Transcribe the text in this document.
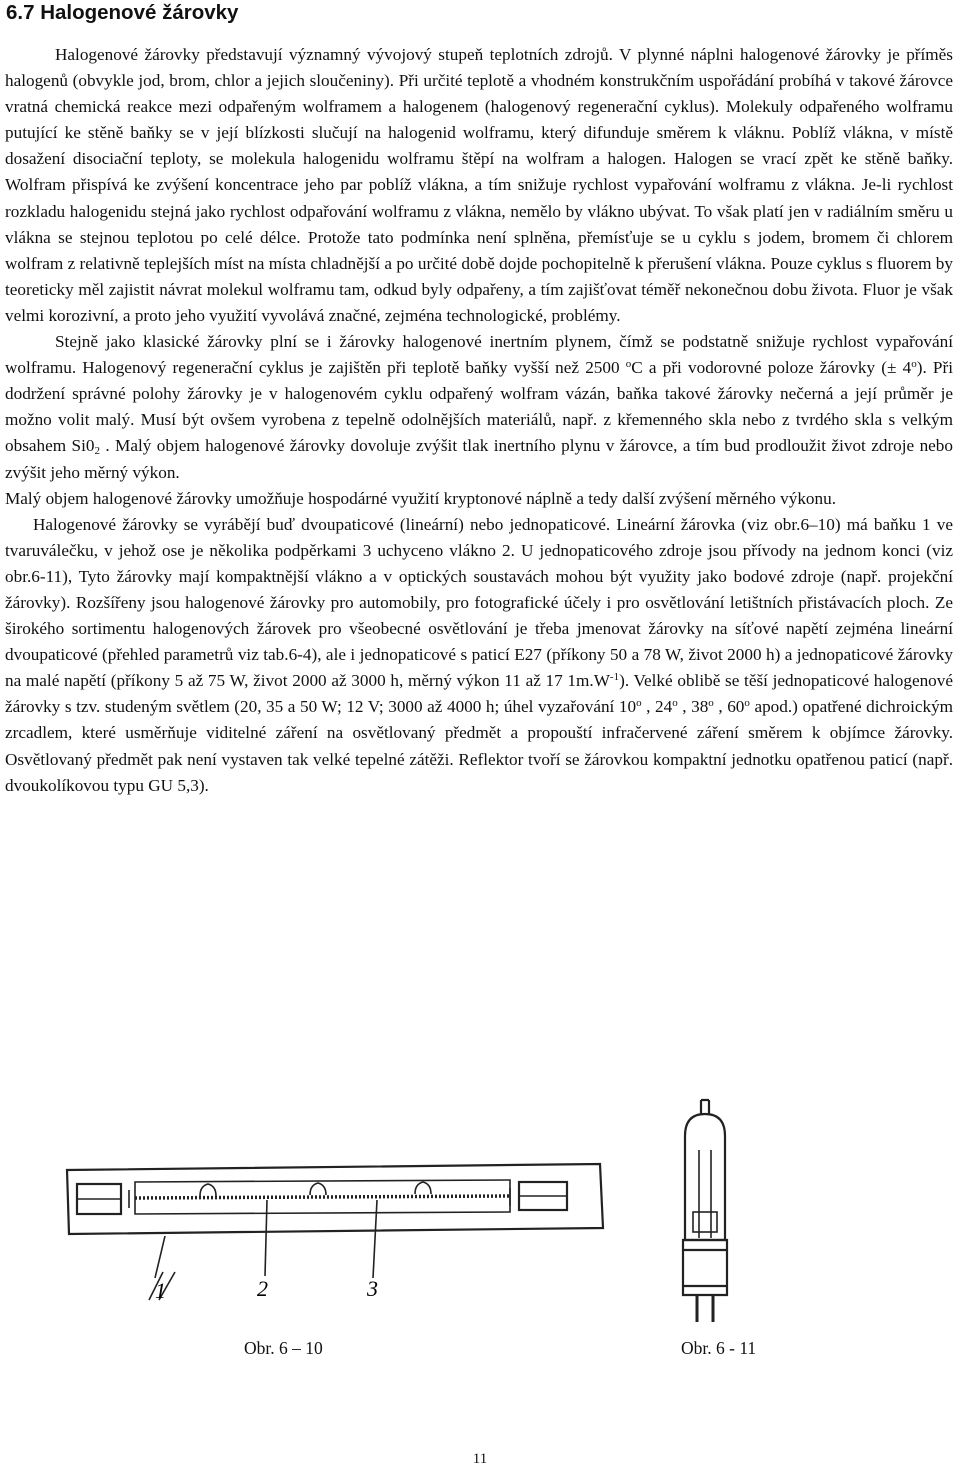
6.7 Halogenové žárovky

Halogenové žárovky představují významný vývojový stupeň teplotních zdrojů. V plynné náplni halogenové žárovky je příměs halogenů (obvykle jod, brom, chlor a jejich sloučeniny). Při určité teplotě a vhodném konstrukčním uspořádání probíhá v takové žárovce vratná chemická reakce mezi odpařeným wolframem a halogenem (halogenový regenerační cyklus). Molekuly odpařeného wolframu putující ke stěně baňky se v její blízkosti slučují na halogenid wolframu, který difunduje směrem k vláknu. Poblíž vlákna, v místě dosažení disociační teploty, se molekula halogenidu wolframu štěpí na wolfram a halogen. Halogen se vrací zpět ke stěně baňky. Wolfram přispívá ke zvýšení koncentrace jeho par poblíž vlákna, a tím snižuje rychlost vypařování wolframu z vlákna. Je-li rychlost rozkladu halogenidu stejná jako rychlost odpařování wolframu z vlákna, nemělo by vlákno ubývat. To však platí jen v radiálním směru u vlákna se stejnou teplotou po celé délce. Protože tato podmínka není splněna, přemísťuje se u cyklu s jodem, bromem či chlorem wolfram z relativně teplejších míst na místa chladnější a po určité době dojde pochopitelně k přerušení vlákna. Pouze cyklus s fluorem by teoreticky měl zajistit návrat molekul wolframu tam, odkud byly odpařeny, a tím zajišťovat téměř nekonečnou dobu života. Fluor je však velmi korozivní, a proto jeho využití vyvolává značné, zejména technologické, problémy.

Stejně jako klasické žárovky plní se i žárovky halogenové inertním plynem, čímž se podstatně snižuje rychlost vypařování wolframu. Halogenový regenerační cyklus je zajištěn při teplotě baňky vyšší než 2500 $^o$C a při vodorovné poloze žárovky (± $4^o$). Při dodržení správné polohy žárovky je v halogenovém cyklu odpařený wolfram vázán, baňka takové žárovky nečerná a její průměr je možno volit malý. Musí být ovšem vyrobena z tepelně odolnějších materiálů, např. z křemenného skla nebo z tvrdého skla s velkým obsahem $Si0_2$ . Malý objem halogenové žárovky dovoluje zvýšit tlak inertního plynu v žárovce, a tím bud prodloužit život zdroje nebo zvýšit jeho měrný výkon.

Malý objem halogenové žárovky umožňuje hospodárné využití kryptonové náplně a tedy další zvýšení měrného výkonu.

Halogenové žárovky se vyrábějí buď dvoupaticové (lineární) nebo jednopaticové. Lineární žárovka (viz obr.6–10) má baňku 1 ve tvaruválečku, v jehož ose je několika podpěrkami 3 uchyceno vlákno 2. U jednopaticového zdroje jsou přívody na jednom konci (viz obr.6-11), Tyto žárovky mají kompaktnější vlákno a v optických soustavách mohou být využity jako bodové zdroje (např. projekční žárovky). Rozšířeny jsou halogenové žárovky pro automobily, pro fotografické účely i pro osvětlování letištních přistávacích ploch. Ze širokého sortimentu halogenových žárovek pro všeobecné osvětlování je třeba jmenovat žárovky na síťové napětí zejména lineární dvoupaticové (přehled parametrů viz tab.6-4), ale i jednopaticové s paticí E27 (příkony 50 a 78 W, život 2000 h) a jednopaticové žárovky na malé napětí (příkony 5 až 75 W, život 2000 až 3000 h, měrný výkon 11 až 17 $1m.W^{-1}$). Velké oblibě se těší jednopaticové halogenové žárovky s tzv. studeným světlem (20, 35 a 50 W; 12 V; 3000 až 4000 h; úhel vyzařování 10$^o$ , 24$^o$ , 38$^o$ , 60$^o$ apod.) opatřené dichroickým zrcadlem, které usměrňuje viditelné záření na osvětlovaný předmět a propouští infračervené záření směrem k objímce žárovky. Osvětlovaný předmět pak není vystaven tak velké tepelné zátěži. Reflektor tvoří se žárovkou kompaktní jednotku opatřenou paticí (např. dvoukolíkovou typu GU 5,3).

1	2	3
Obr. 6 – 10	Obr. 6 - 11
11
